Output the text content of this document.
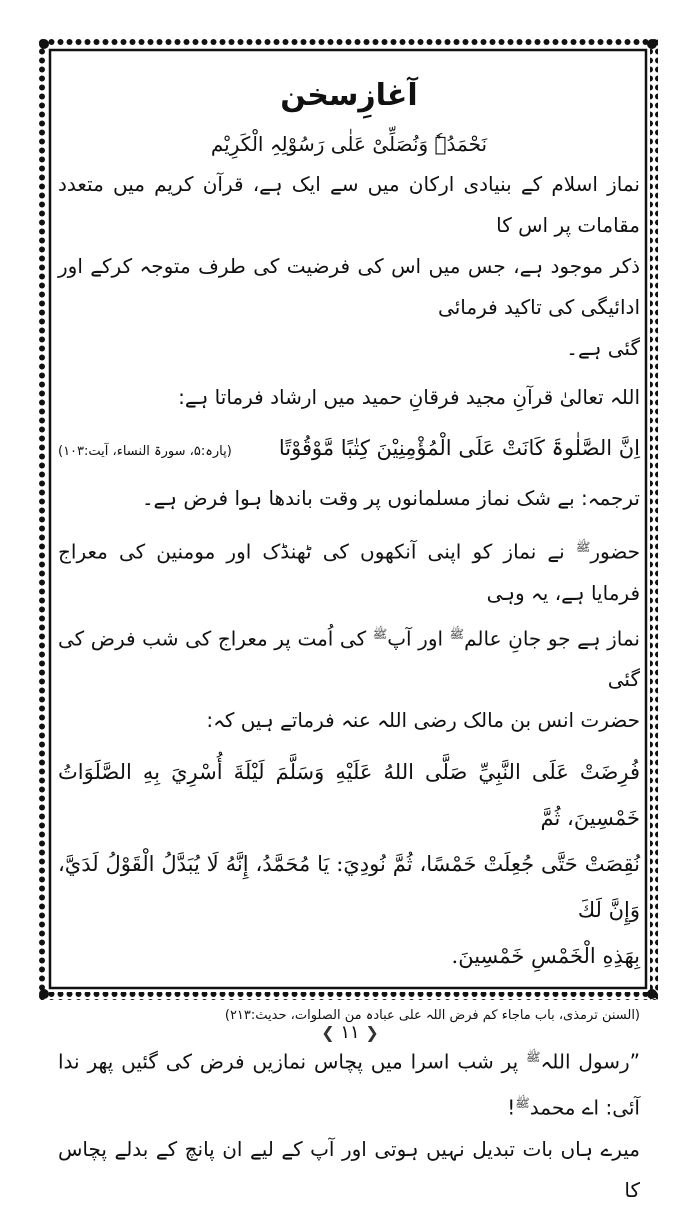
آغازِسخن
نَحْمَدُہٗ وَنُصَلِّیْ عَلٰی رَسُوْلِہِ الْکَرِیْم

نماز اسلام کے بنیادی ارکان میں سے ایک ہے، قرآن کریم میں متعدد مقامات پر اس کا

ذکر موجود ہے، جس میں اس کی فرضیت کی طرف متوجہ کرکے اور ادائیگی کی تاکید فرمائی

گئی ہے۔

اللہ تعالیٰ قرآنِ مجید فرقانِ حمید میں ارشاد فرماتا ہے:

اِنَّ الصَّلٰوۃَ کَانَتْ عَلَی الْمُؤْمِنِیْنَ کِتٰبًا مَّوْقُوْتًا
(پارہ:۵، سورۃ النساء، آیت:۱۰۳)

ترجمہ: بے شک نماز مسلمانوں پر وقت باندھا ہوا فرض ہے۔

حضور$^ﷺ$ نے نماز کو اپنی آنکھوں کی ٹھنڈک اور مومنین کی معراج فرمایا ہے، یہ وہی

نماز ہے جو جانِ عالم$^ﷺ$ اور آپ$^ﷺ$ کی اُمت پر معراج کی شب فرض کی گئی

حضرت انس بن مالک رضی اللہ عنہ فرماتے ہیں کہ:

فُرِضَتْ عَلَى النَّبِيِّ صَلَّى اللهُ عَلَيْهِ وَسَلَّمَ لَيْلَةَ أُسْرِيَ بِهِ الصَّلَوَاتُ خَمْسِينَ، ثُمَّ

نُقِصَتْ حَتَّى جُعِلَتْ خَمْسًا، ثُمَّ نُودِيَ: يَا مُحَمَّدُ، إِنَّهُ لَا يُبَدَّلُ الْقَوْلُ لَدَيَّ، وَإِنَّ لَكَ

بِهَذِهِ الْخَمْسِ خَمْسِينَ.

(السنن ترمذی، باب ماجاء کم فرض اللہ علی عبادہ من الصلوات، حدیث:۲۱۳)

”رسول اللہ$^ﷺ$ پر شب اسرا میں پچاس نمازیں فرض کی گئیں پھر ندا آئی: اے محمد$^ﷺ$!

میرے ہاں بات تبدیل نہیں ہوتی اور آپ کے لیے ان پانچ کے بدلے پچاس کا

❮ ۱۱ ❯
